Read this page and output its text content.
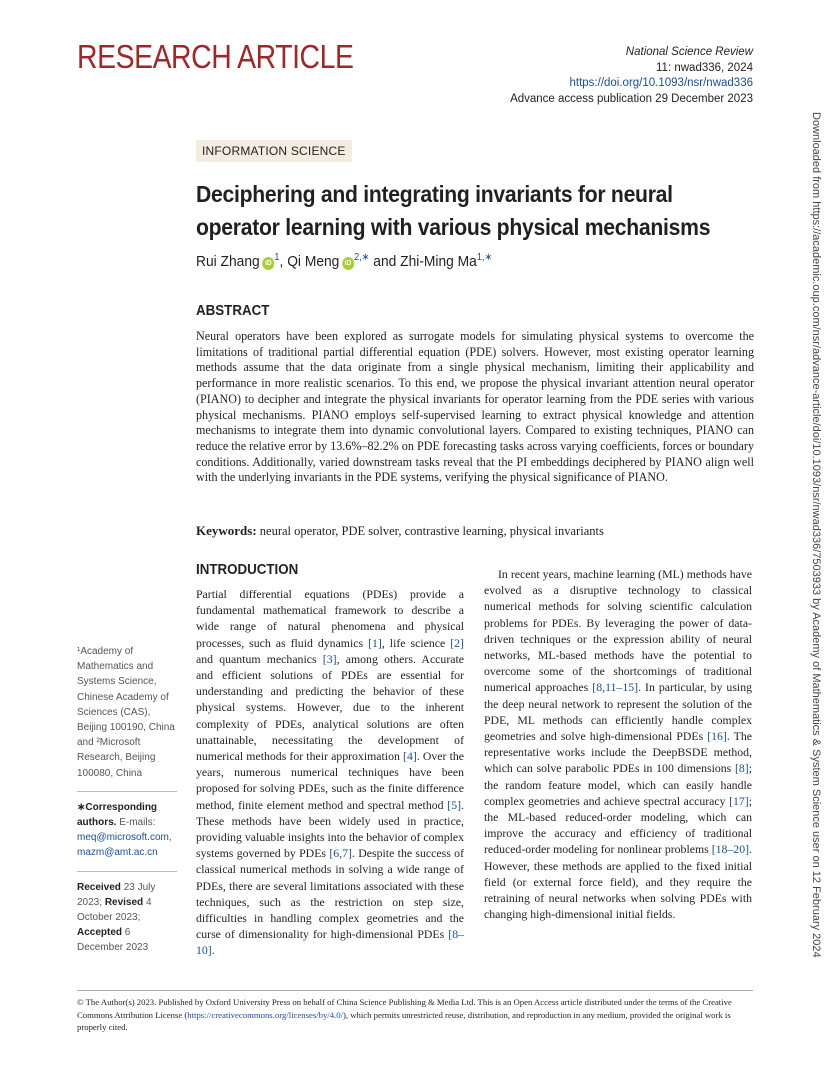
RESEARCH ARTICLE	National Science Review
11: nwad336, 2024
https://doi.org/10.1093/nsr/nwad336
Advance access publication 29 December 2023
INFORMATION SCIENCE
Deciphering and integrating invariants for neural operator learning with various physical mechanisms
Rui Zhang $iD^1$, Qi Meng $iD^{2,∗}$ and Zhi-Ming $Ma^{1,∗}$
ABSTRACT
Neural operators have been explored as surrogate models for simulating physical systems to overcome the limitations of traditional partial differential equation (PDE) solvers. However, most existing operator learning methods assume that the data originate from a single physical mechanism, limiting their applicability and performance in more realistic scenarios. To this end, we propose the physical invariant attention neural operator (PIANO) to decipher and integrate the physical invariants for operator learning from the PDE series with various physical mechanisms. PIANO employs self-supervised learning to extract physical knowledge and attention mechanisms to integrate them into dynamic convolutional layers. Compared to existing techniques, PIANO can reduce the relative error by 13.6%–82.2% on PDE forecasting tasks across varying coefficients, forces or boundary conditions. Additionally, varied downstream tasks reveal that the PI embeddings deciphered by PIANO align well with the underlying invariants in the PDE systems, verifying the physical significance of PIANO.
Keywords: neural operator, PDE solver, contrastive learning, physical invariants
INTRODUCTION
Partial differential equations (PDEs) provide a fundamental mathematical framework to describe a wide range of natural phenomena and physical processes, such as fluid dynamics [1], life science [2] and quantum mechanics [3], among others. Accurate and efficient solutions of PDEs are essential for understanding and predicting the behavior of these physical systems. However, due to the inherent complexity of PDEs, analytical solutions are often unattainable, necessitating the development of numerical methods for their approximation [4]. Over the years, numerous numerical techniques have been proposed for solving PDEs, such as the finite difference method, finite element method and spectral method [5]. These methods have been widely used in practice, providing valuable insights into the behavior of complex systems governed by PDEs [6,7]. Despite the success of classical numerical methods in solving a wide range of PDEs, there are several limitations associated with these techniques, such as the restriction on step size, difficulties in handling complex geometries and the curse of dimensionality for high-dimensional PDEs [8–10].
In recent years, machine learning (ML) methods have evolved as a disruptive technology to classical numerical methods for solving scientific calculation problems for PDEs. By leveraging the power of data-driven techniques or the expression ability of neural networks, ML-based methods have the potential to overcome some of the shortcomings of traditional numerical approaches [8,11–15]. In particular, by using the deep neural network to represent the solution of the PDE, ML methods can efficiently handle complex geometries and solve high-dimensional PDEs [16]. The representative works include the DeepBSDE method, which can solve parabolic PDEs in 100 dimensions [8]; the random feature model, which can easily handle complex geometries and achieve spectral accuracy [17]; the ML-based reduced-order modeling, which can improve the accuracy and efficiency of traditional reduced-order modeling for nonlinear problems [18–20]. However, these methods are applied to the fixed initial field (or external force field), and they require the retraining of neural networks when solving PDEs with changing high-dimensional initial fields.
¹Academy of Mathematics and Systems Science, Chinese Academy of Sciences (CAS), Beijing 100190, China and ²Microsoft Research, Beijing 100080, China
∗Corresponding authors. E-mails:
meq@microsoft.com,
mazm@amt.ac.cn
Received 23 July 2023; Revised 4 October 2023; Accepted 6 December 2023
© The Author(s) 2023. Published by Oxford University Press on behalf of China Science Publishing & Media Ltd. This is an Open Access article distributed under the terms of the Creative Commons Attribution License (https://creativecommons.org/licenses/by/4.0/), which permits unrestricted reuse, distribution, and reproduction in any medium, provided the original work is properly cited.
Downloaded from https://academic.oup.com/nsr/advance-article/doi/10.1093/nsr/nwad336/7503933 by Academy of Mathematics & System Science user on 12 February 2024
